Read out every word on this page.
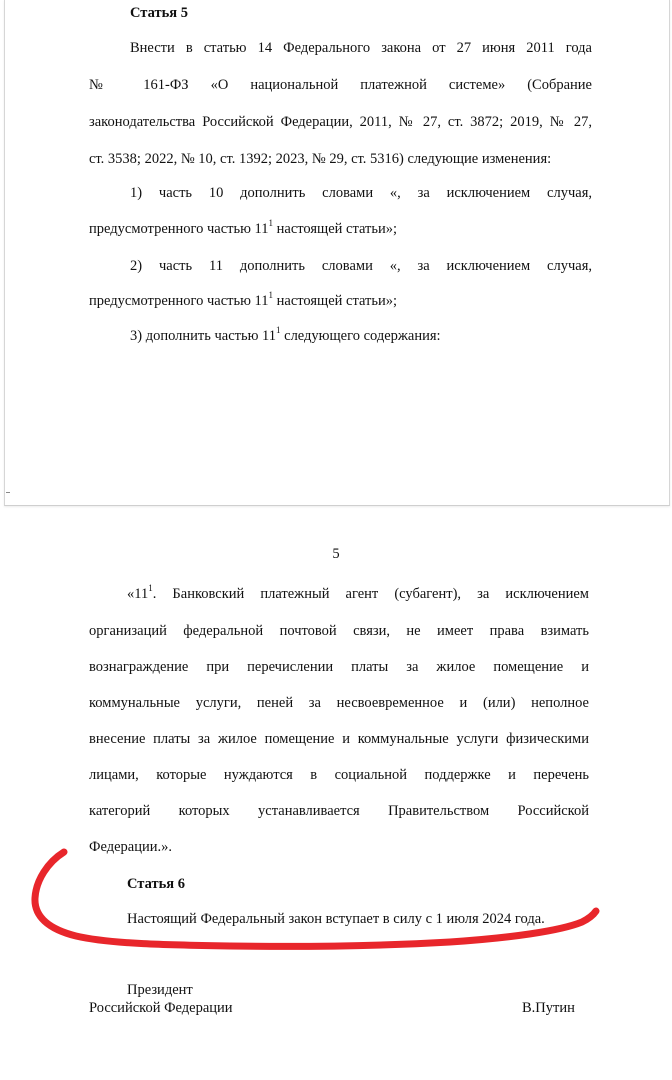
Статья 5
Внести в статью 14 Федерального закона от 27 июня 2011 года
№ 161-ФЗ «О национальной платежной системе» (Собрание
законодательства Российской Федерации, 2011, № 27, ст. 3872; 2019, № 27,
ст. 3538; 2022, № 10, ст. 1392; 2023, № 29, ст. 5316) следующие изменения:
1) часть 10 дополнить словами «, за исключением случая,
предусмотренного частью $11^1$ настоящей статьи»;
2) часть 11 дополнить словами «, за исключением случая,
предусмотренного частью $11^1$ настоящей статьи»;
3) дополнить частью $11^1$ следующего содержания:
5
«$11^1$. Банковский платежный агент (субагент), за исключением
организаций федеральной почтовой связи, не имеет права взимать
вознаграждение при перечислении платы за жилое помещение и
коммунальные услуги, пеней за несвоевременное и (или) неполное
внесение платы за жилое помещение и коммунальные услуги физическими
лицами, которые нуждаются в социальной поддержке и перечень
категорий которых устанавливается Правительством Российской
Федерации.».
Статья 6
Настоящий Федеральный закон вступает в силу с 1 июля 2024 года.
Президент
Российской Федерации	В.Путин
